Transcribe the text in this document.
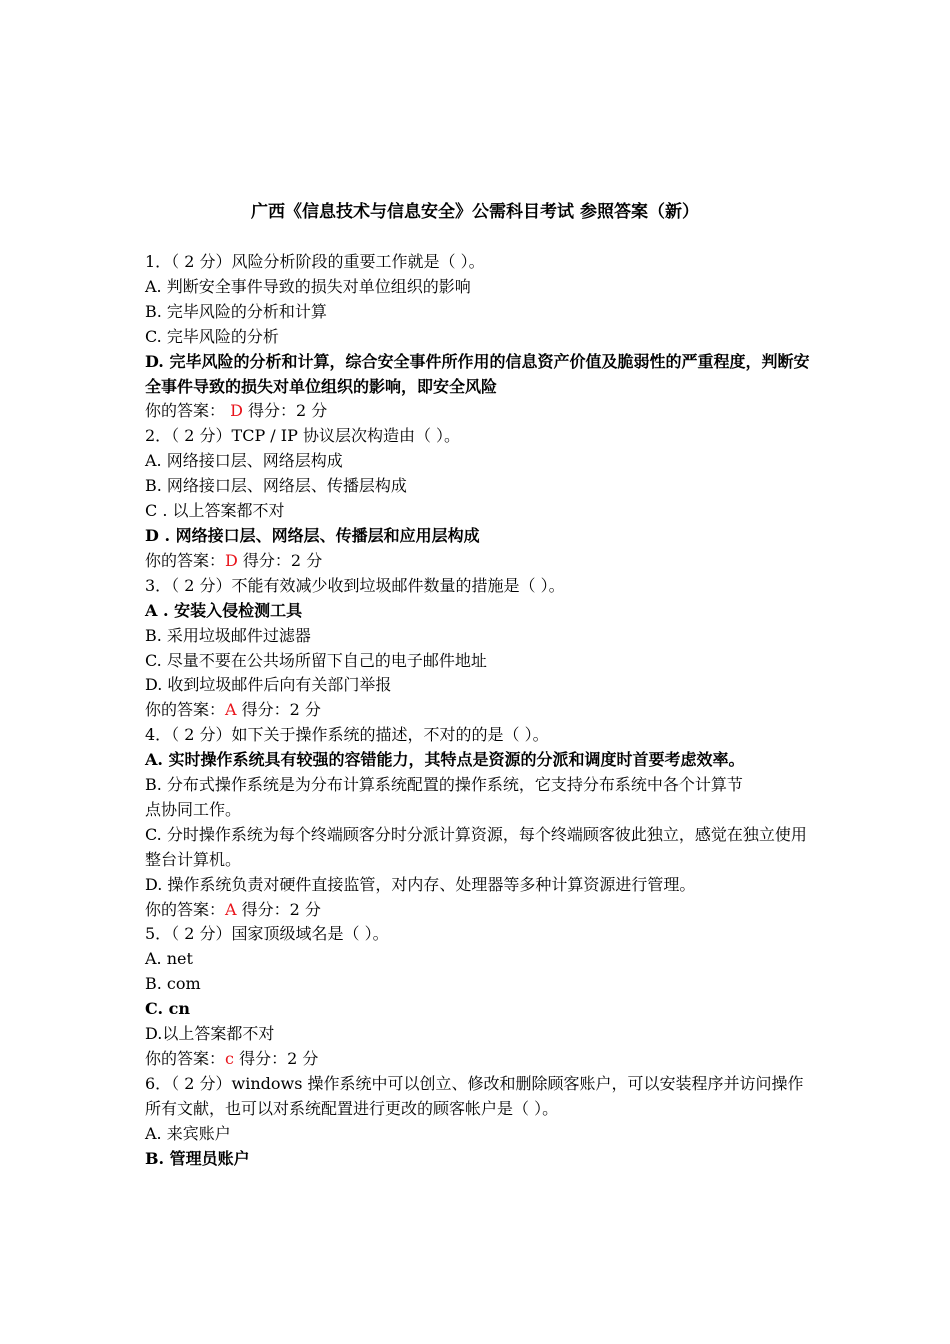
广西《信息技术与信息安全》公需科目考试 参照答案（新）
1．（ 2 分）风险分析阶段的重要工作就是（ ）。
A. 判断安全事件导致的损失对单位组织的影响
B. 完毕风险的分析和计算
C. 完毕风险的分析
D. 完毕风险的分析和计算，综合安全事件所作用的信息资产价值及脆弱性的严重程度，判断安全事件导致的损失对单位组织的影响，即安全风险
你的答案： D 得分：2 分
2．（ 2 分）TCP / IP 协议层次构造由（ ）。
A. 网络接口层、网络层构成
B. 网络接口层、网络层、传播层构成
C . 以上答案都不对
D . 网络接口层、网络层、传播层和应用层构成
你的答案：D 得分：2 分
3．（ 2 分）不能有效减少收到垃圾邮件数量的措施是（ ）。
A . 安装入侵检测工具
B. 采用垃圾邮件过滤器
C. 尽量不要在公共场所留下自己的电子邮件地址
D. 收到垃圾邮件后向有关部门举报
你的答案：A 得分：2 分
4．（ 2 分）如下关于操作系统的描述，不对的的是（ ）。
A. 实时操作系统具有较强的容错能力，其特点是资源的分派和调度时首要考虑效率。
B. 分布式操作系统是为分布计算系统配置的操作系统，它支持分布系统中各个计算节
点协同工作。
C. 分时操作系统为每个终端顾客分时分派计算资源，每个终端顾客彼此独立，感觉在独立使用整台计算机。
D. 操作系统负责对硬件直接监管，对内存、处理器等多种计算资源进行管理。
你的答案：A 得分：2 分
5．（ 2 分）国家顶级域名是（ ）。
A. net
B. com
C. cn
D.以上答案都不对
你的答案：c 得分：2 分
6．（ 2 分）windows 操作系统中可以创立、修改和删除顾客账户，可以安装程序并访问操作所有文献，也可以对系统配置进行更改的顾客帐户是（ ）。
A. 来宾账户
B. 管理员账户
